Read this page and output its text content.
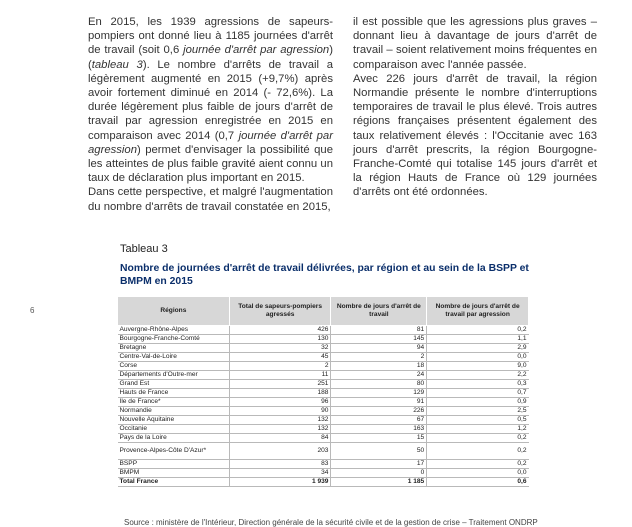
6

En 2015, les 1939 agressions de sapeurs-pompiers ont donné lieu à 1185 journées d'arrêt de travail (soit 0,6 journée d'arrêt par agression) (tableau 3). Le nombre d'arrêts de travail a légèrement augmenté en 2015 (+9,7%) après avoir fortement diminué en 2014 (- 72,6%). La durée légèrement plus faible de jours d'arrêt de travail par agression enregistrée en 2015 en comparaison avec 2014 (0,7 journée d'arrêt par agression) permet d'envisager la possibilité que les atteintes de plus faible gravité aient connu un taux de déclaration plus important en 2015.

Dans cette perspective, et malgré l'augmentation du nombre d'arrêts de travail constatée en 2015,

il est possible que les agressions plus graves – donnant lieu à davantage de jours d'arrêt de travail – soient relativement moins fréquentes en comparaison avec l'année passée.

Avec 226 jours d'arrêt de travail, la région Normandie présente le nombre d'interruptions temporaires de travail le plus élevé. Trois autres régions françaises présentent également des taux relativement élevés : l'Occitanie avec 163 jours d'arrêt prescrits, la région Bourgogne-Franche-Comté qui totalise 145 jours d'arrêt et la région Hauts de France où 129 journées d'arrêts ont été ordonnées.

Tableau 3
Nombre de journées d'arrêt de travail délivrées, par région et au sein de la BSPP et BMPM en 2015
Régions	Total de sapeurs-pompiers agressés	Nombre de jours d'arrêt de travail	Nombre de jours d'arrêt de travail par agression
Auvergne-Rhône-Alpes	426	81	0,2
Bourgogne-Franche-Comté	130	145	1,1
Bretagne	32	94	2,9
Centre-Val-de-Loire	45	2	0,0
Corse	2	18	9,0
Départements d'Outre-mer	11	24	2,2
Grand Est	251	80	0,3
Hauts de France	188	129	0,7
Ile de France*	96	91	0,9
Normandie	90	226	2,5
Nouvelle Aquitaine	132	67	0,5
Occitanie	132	163	1,2
Pays de la Loire	84	15	0,2
Provence-Alpes-Côte D'Azur*	203	50	0,2
BSPP	83	17	0,2
BMPM	34	0	0,0
Total France	1 939	1 185	0,6
Source : ministère de l'Intérieur, Direction générale de la sécurité civile et de la gestion de crise – Traitement ONDRP
